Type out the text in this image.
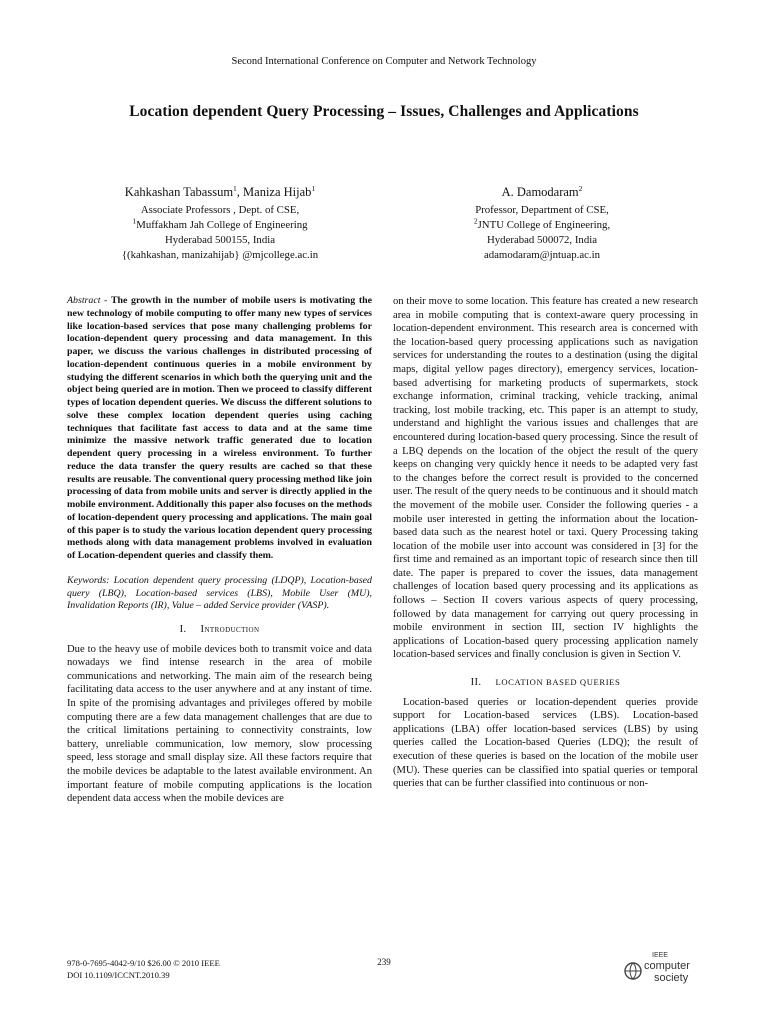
Second International Conference on Computer and Network Technology
Location dependent Query Processing – Issues, Challenges and Applications
Kahkashan Tabassum$^1$, Maniza Hijab$^1$
Associate Professors , Dept. of CSE,
$^1$Muffakham Jah College of Engineering
Hyderabad 500155, India
{(kahkashan, manizahijab} @mjcollege.ac.in
A. Damodaram$^2$
Professor, Department of CSE,
$^2$JNTU College of Engineering,
Hyderabad 500072, India
adamodaram@jntuap.ac.in
Abstract - The growth in the number of mobile users is motivating the new technology of mobile computing to offer many new types of services like location-based services that pose many challenging problems for location-dependent query processing and data management. In this paper, we discuss the various challenges in distributed processing of location-dependent continuous queries in a mobile environment by studying the different scenarios in which both the querying unit and the object being queried are in motion. Then we proceed to classify different types of location dependent queries. We discuss the different solutions to solve these complex location dependent queries using caching techniques that facilitate fast access to data and at the same time minimize the massive network traffic generated due to location dependent query processing in a wireless environment. To further reduce the data transfer the query results are cached so that these results are reusable. The conventional query processing method like join processing of data from mobile units and server is directly applied in the mobile environment. Additionally this paper also focuses on the methods of location-dependent query processing and applications. The main goal of this paper is to study the various location dependent query processing methods along with data management problems involved in evaluation of Location-dependent queries and classify them.
Keywords: Location dependent query processing (LDQP), Location-based query (LBQ), Location-based services (LBS), Mobile User (MU), Invalidation Reports (IR), Value – added Service provider (VASP).
I. Introduction

Due to the heavy use of mobile devices both to transmit voice and data nowadays we find intense research in the area of mobile communications and networking. The main aim of the research being facilitating data access to the user anywhere and at any instant of time. In spite of the promising advantages and privileges offered by mobile computing there are a few data management challenges that are due to the critical limitations pertaining to connectivity constraints, low battery, unreliable communication, low memory, slow processing speed, less storage and small display size. All these factors require that the mobile devices be adaptable to the latest available environment. An important feature of mobile computing applications is the location dependent data access when the mobile devices are

on their move to some location. This feature has created a new research area in mobile computing that is context-aware query processing in location-dependent environment. This research area is concerned with the location-based query processing applications such as navigation services for understanding the routes to a destination (using the digital maps, digital yellow pages directory), emergency services, location-based advertising for marketing products of supermarkets, stock exchange information, criminal tracking, vehicle tracking, animal tracking, lost mobile tracking, etc. This paper is an attempt to study, understand and highlight the various issues and challenges that are encountered during location-based query processing. Since the result of a LBQ depends on the location of the object the result of the query keeps on changing very quickly hence it needs to be adapted very fast to the changes before the correct result is provided to the concerned user. The result of the query needs to be continuous and it should match the movement of the mobile user. Consider the following queries - a mobile user interested in getting the information about the location-based data such as the nearest hotel or taxi. Query Processing taking location of the mobile user into account was considered in [3] for the first time and remained as an important topic of research since then till date. The paper is prepared to cover the issues, data management challenges of location based query processing and its applications as follows – Section II covers various aspects of query processing, followed by data management for carrying out query processing in mobile environment in section III, section IV highlights the applications of Location-based query processing application namely location-based services and finally conclusion is given in Section V.

II. LOCATION BASED QUERIES

Location-based queries or location-dependent queries provide support for Location-based services (LBS). Location-based applications (LBA) offer location-based services (LBS) by using queries called the Location-based Queries (LDQ); the result of execution of these queries is based on the location of the mobile user (MU). These queries can be classified into spatial queries or temporal queries that can be further classified into continuous or non-

978-0-7695-4042-9/10 $26.00 © 2010 IEEE
DOI 10.1109/ICCNT.2010.39
239
IEEE
computer
society
